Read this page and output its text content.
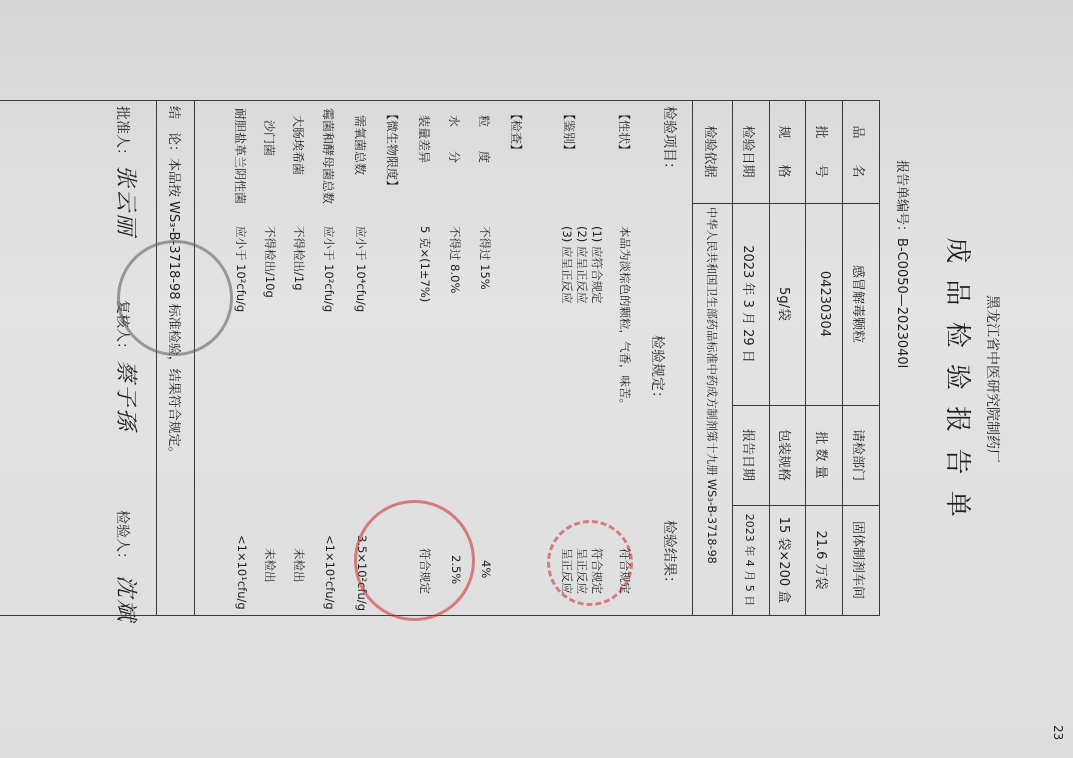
23
黑龙江省中医研究院制药厂
成 品 检 验 报 告 单
报告单编号：B-C0050—2023040l
品　　名
感冒解毒颗粒
请检部门
固体制剂车间
批　　号
04230304
批 数 量
21.6 万袋
规　　格
5g/袋
包装规格
15 袋×200 盒
检验日期
2023 年 3 月 29 日
报告日期
2023 年 4 月 5 日
检验依据
中华人民共和国卫生部药品标准中药成方制剂第十九册 WS₃-B-3718-98
检验项目：
检验规定：
检验结果：
【性状】
【鉴别】
【检查】
粒　　度
水　　分
装量差异
【微生物限度】
需氧菌总数
霉菌和酵母菌总数
大肠埃希菌
沙门菌
耐胆盐革兰阴性菌
本品为淡棕色的颗粒，气香，味苦。
(1) 应符合规定
(2) 应呈正反应
(3) 应呈正反应
不得过 15%
不得过 8.0%
5 克×(1±7%)
应小于 10⁴cfu/g
应小于 10²cfu/g
不得检出/1g
不得检出/10g
应小于 10²cfu/g
符合规定
符合规定
呈正反应
呈正反应
4%
2.5%
符合规定
3.5×10²cfu/g
<1×10¹cfu/g
未检出
未检出
<1×10¹cfu/g
结　论：本品按 WS₃-B-3718-98 标准检验，结果符合规定。
批准人：
张云丽
复核人：
蔡子孫
检验人：
沈斌
